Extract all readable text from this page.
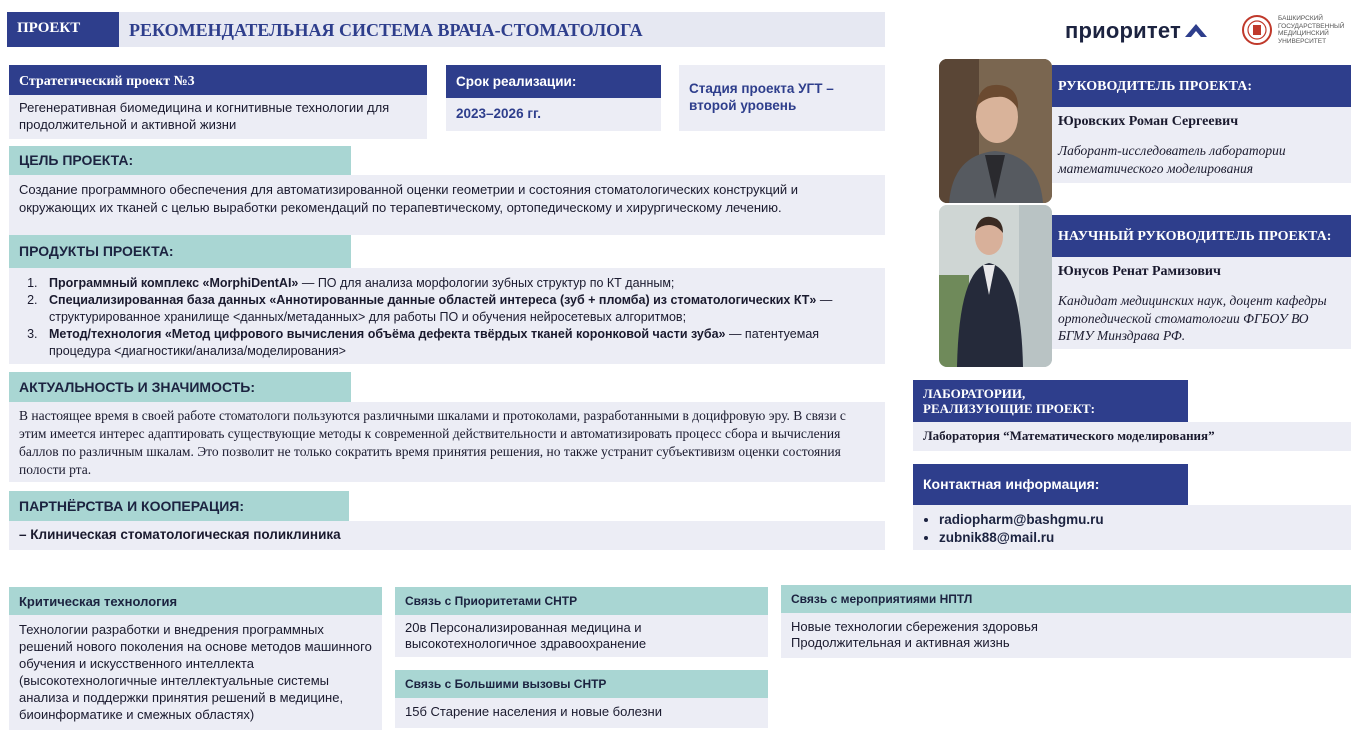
ПРОЕКТ	РЕКОМЕНДАТЕЛЬНАЯ СИСТЕМА ВРАЧА-СТОМАТОЛОГА	приоритет	БАШКИРСКИЙ
ГОСУДАРСТВЕННЫЙ
МЕДИЦИНСКИЙ
УНИВЕРСИТЕТ
Стратегический проект №3
Регенеративная биомедицина и когнитивные технологии для продолжительной и активной жизни
Срок реализации:
2023–2026 гг.
Стадия проекта УГТ – второй уровень
ЦЕЛЬ ПРОЕКТА:
Создание программного обеспечения для автоматизированной оценки геометрии и состояния стоматологических конструкций и окружающих их тканей с целью выработки рекомендаций по терапевтическому, ортопедическому и хирургическому лечению.
ПРОДУКТЫ ПРОЕКТА:
1. Программный комплекс «MorphiDentAI» — ПО для анализа морфологии зубных структур по КТ данным;
2. Специализированная база данных «Аннотированные данные областей интереса (зуб + пломба) из стоматологических КТ» — структурированное хранилище <данных/метаданных> для работы ПО и обучения нейросетевых алгоритмов;
3. Метод/технология «Метод цифрового вычисления объёма дефекта твёрдых тканей коронковой части зуба» — патентуемая процедура <диагностики/анализа/моделирования>
АКТУАЛЬНОСТЬ И ЗНАЧИМОСТЬ:
В настоящее время в своей работе стоматологи пользуются различными шкалами и протоколами, разработанными в доцифровую эру. В связи с этим имеется интерес адаптировать существующие методы к современной действительности и автоматизировать процесс сбора и вычисления баллов по различным шкалам. Это позволит не только сократить время принятия решения, но также устранит субъективизм оценки состояния полости рта.
ПАРТНЁРСТВА И КООПЕРАЦИЯ:
– Клиническая стоматологическая поликлиника
РУКОВОДИТЕЛЬ ПРОЕКТА:
Юровских Роман Сергеевич
Лаборант-исследователь лаборатории математического моделирования
НАУЧНЫЙ РУКОВОДИТЕЛЬ ПРОЕКТА:
Юнусов Ренат Рамизович
Кандидат медицинских наук, доцент кафедры ортопедической стоматологии ФГБОУ ВО БГМУ Минздрава РФ.
ЛАБОРАТОРИИ,
РЕАЛИЗУЮЩИЕ ПРОЕКТ:
Лаборатория “Математического моделирования”
Контактная информация:
• radiopharm@bashgmu.ru
• zubnik88@mail.ru
Критическая технология
Технологии разработки и внедрения программных решений нового поколения на основе методов машинного обучения и искусственного интеллекта (высокотехнологичные интеллектуальные системы анализа и поддержки принятия решений в медицине, биоинформатике и смежных областях)
Связь с Приоритетами СНТР
20в Персонализированная медицина и высокотехнологичное здравоохранение
Связь с Большими вызовы СНТР
15б Старение населения и новые болезни
Связь с мероприятиями НПТЛ
Новые технологии сбережения здоровья
Продолжительная и активная жизнь
